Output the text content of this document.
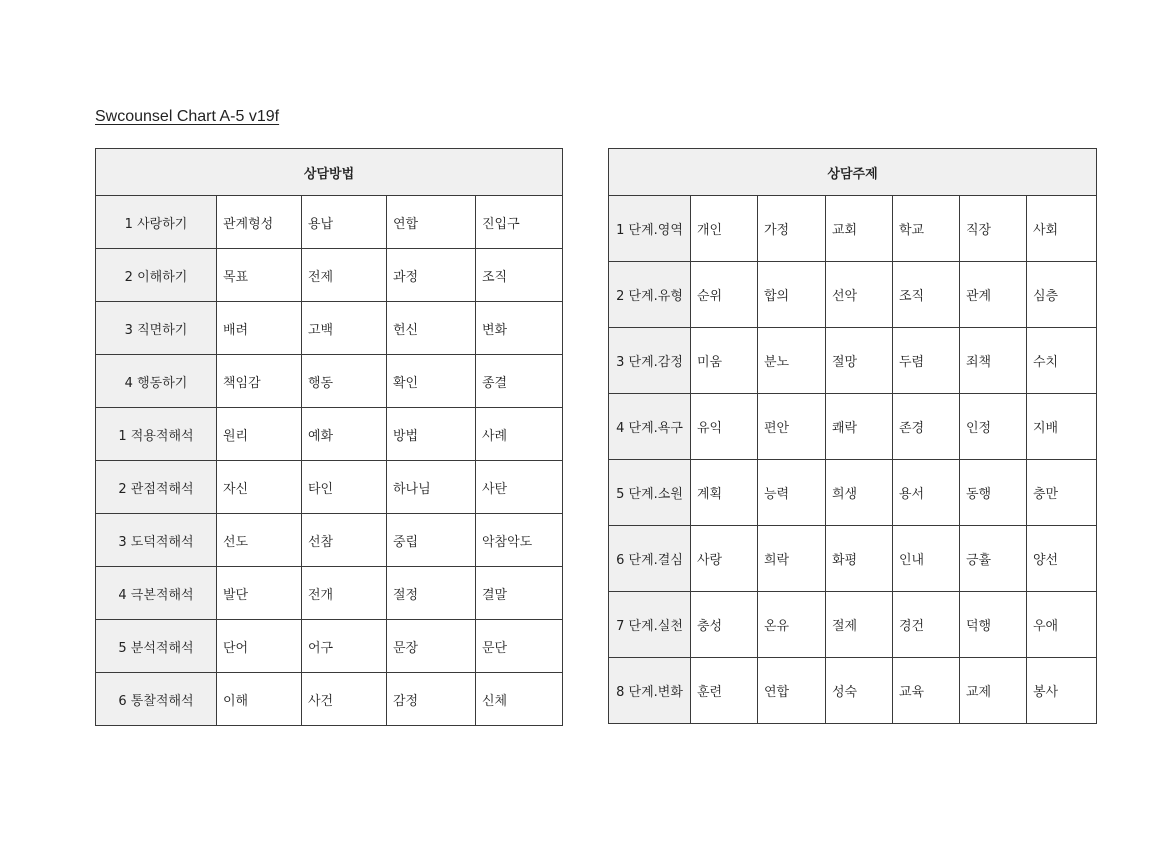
Swcounsel Chart A-5 v19f
상담방법				
1 사랑하기	관계형성	용납	연합	진입구
2 이해하기	목표	전제	과정	조직
3 직면하기	배려	고백	헌신	변화
4 행동하기	책임감	행동	확인	종결
1 적용적해석	원리	예화	방법	사례
2 관점적해석	자신	타인	하나님	사탄
3 도덕적해석	선도	선참	중립	악참악도
4 극본적해석	발단	전개	절정	결말
5 분석적해석	단어	어구	문장	문단
6 통찰적해석	이해	사건	감정	신체
상담주제						
1 단계.영역	개인	가정	교회	학교	직장	사회
2 단계.유형	순위	합의	선악	조직	관계	심층
3 단계.감정	미움	분노	절망	두렴	죄책	수치
4 단계.욕구	유익	편안	쾌락	존경	인정	지배
5 단계.소원	계획	능력	희생	용서	동행	충만
6 단계.결심	사랑	희락	화평	인내	긍휼	양선
7 단계.실천	충성	온유	절제	경건	덕행	우애
8 단계.변화	훈련	연합	성숙	교육	교제	봉사
